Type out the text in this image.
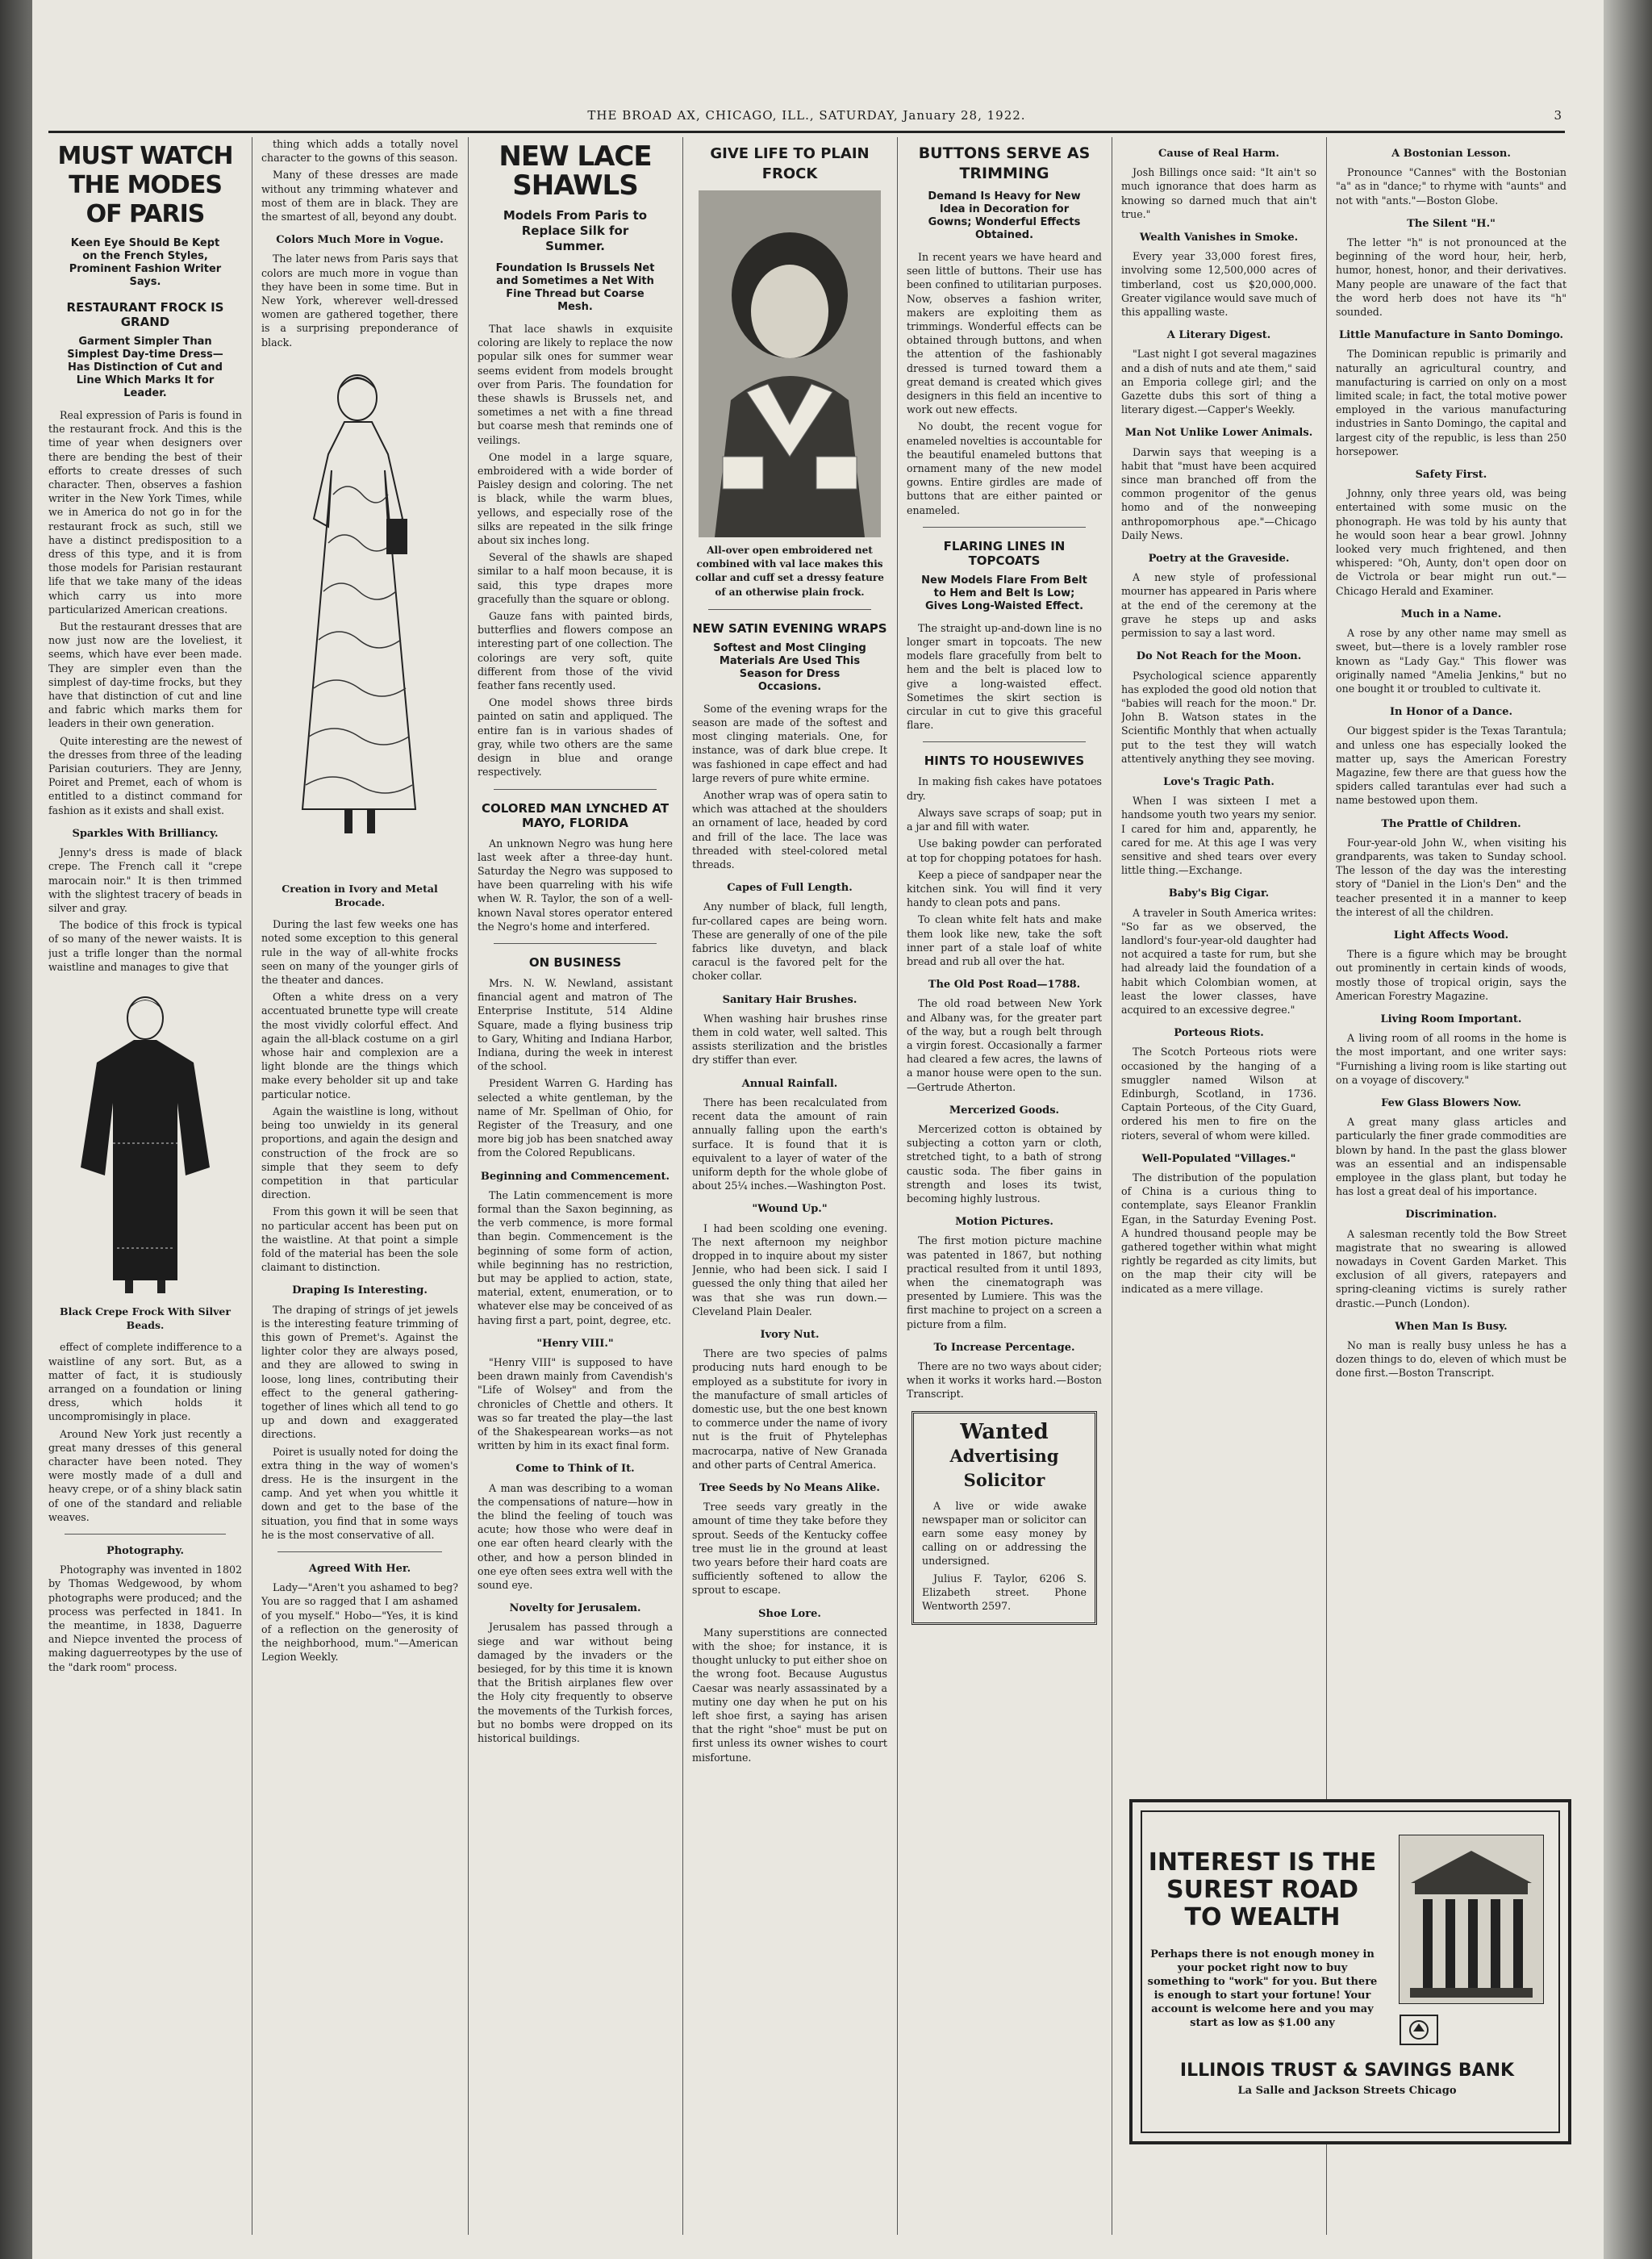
THE BROAD AX, CHICAGO, ILL., SATURDAY, January 28, 1922.	3
MUST WATCH THE MODES OF PARIS
Keen Eye Should Be Kept on the French Styles, Prominent Fashion Writer Says.
RESTAURANT FROCK IS GRAND
Garment Simpler Than Simplest Day-time Dress—Has Distinction of Cut and Line Which Marks It for Leader.

Real expression of Paris is found in the restaurant frock. And this is the time of year when designers over there are bending the best of their efforts to create dresses of such character. Then, observes a fashion writer in the New York Times, while we in America do not go in for the restaurant frock as such, still we have a distinct predisposition to a dress of this type, and it is from those models for Parisian restaurant life that we take many of the ideas which carry us into more particularized American creations.

But the restaurant dresses that are now just now are the loveliest, it seems, which have ever been made. They are simpler even than the simplest of day-time frocks, but they have that distinction of cut and line and fabric which marks them for leaders in their own generation.

Quite interesting are the newest of the dresses from three of the leading Parisian couturiers. They are Jenny, Poiret and Premet, each of whom is entitled to a distinct command for fashion as it exists and shall exist.

Sparkles With Brilliancy.

Jenny's dress is made of black crepe. The French call it "crepe marocain noir." It is then trimmed with the slightest tracery of beads in silver and gray.

The bodice of this frock is typical of so many of the newer waists. It is just a trifle longer than the normal waistline and manages to give that

Black Crepe Frock With Silver Beads.

effect of complete indifference to a waistline of any sort. But, as a matter of fact, it is studiously arranged on a foundation or lining dress, which holds it uncompromisingly in place.

Around New York just recently a great many dresses of this general character have been noted. They were mostly made of a dull and heavy crepe, or of a shiny black satin of one of the standard and reliable weaves.

Photography.

Photography was invented in 1802 by Thomas Wedgewood, by whom photographs were produced; and the process was perfected in 1841. In the meantime, in 1838, Daguerre and Niepce invented the process of making daguerreotypes by the use of the "dark room" process.

thing which adds a totally novel character to the gowns of this season.

Many of these dresses are made without any trimming whatever and most of them are in black. They are the smartest of all, beyond any doubt.

Colors Much More in Vogue.

The later news from Paris says that colors are much more in vogue than they have been in some time. But in New York, wherever well-dressed women are gathered together, there is a surprising preponderance of black.

Creation in Ivory and Metal Brocade.

During the last few weeks one has noted some exception to this general rule in the way of all-white frocks seen on many of the younger girls of the theater and dances.

Often a white dress on a very accentuated brunette type will create the most vividly colorful effect. And again the all-black costume on a girl whose hair and complexion are a light blonde are the things which make every beholder sit up and take particular notice.

Again the waistline is long, without being too unwieldy in its general proportions, and again the design and construction of the frock are so simple that they seem to defy competition in that particular direction.

From this gown it will be seen that no particular accent has been put on the waistline. At that point a simple fold of the material has been the sole claimant to distinction.

Draping Is Interesting.

The draping of strings of jet jewels is the interesting feature trimming of this gown of Premet's. Against the lighter color they are always posed, and they are allowed to swing in loose, long lines, contributing their effect to the general gathering-together of lines which all tend to go up and down and exaggerated directions.

Poiret is usually noted for doing the extra thing in the way of women's dress. He is the insurgent in the camp. And yet when you whittle it down and get to the base of the situation, you find that in some ways he is the most conservative of all.

Agreed With Her.

Lady—"Aren't you ashamed to beg? You are so ragged that I am ashamed of you myself." Hobo—"Yes, it is kind of a reflection on the generosity of the neighborhood, mum."—American Legion Weekly.

NEW LACE SHAWLS
Models From Paris to Replace Silk for Summer.
Foundation Is Brussels Net and Sometimes a Net With Fine Thread but Coarse Mesh.

That lace shawls in exquisite coloring are likely to replace the now popular silk ones for summer wear seems evident from models brought over from Paris. The foundation for these shawls is Brussels net, and sometimes a net with a fine thread but coarse mesh that reminds one of veilings.

One model in a large square, embroidered with a wide border of Paisley design and coloring. The net is black, while the warm blues, yellows, and especially rose of the silks are repeated in the silk fringe about six inches long.

Several of the shawls are shaped similar to a half moon because, it is said, this type drapes more gracefully than the square or oblong.

Gauze fans with painted birds, butterflies and flowers compose an interesting part of one collection. The colorings are very soft, quite different from those of the vivid feather fans recently used.

One model shows three birds painted on satin and appliqued. The entire fan is in various shades of gray, while two others are the same design in blue and orange respectively.

COLORED MAN LYNCHED AT MAYO, FLORIDA

An unknown Negro was hung here last week after a three-day hunt. Saturday the Negro was supposed to have been quarreling with his wife when W. R. Taylor, the son of a well-known Naval stores operator entered the Negro's home and interfered.

ON BUSINESS

Mrs. N. W. Newland, assistant financial agent and matron of The Enterprise Institute, 514 Aldine Square, made a flying business trip to Gary, Whiting and Indiana Harbor, Indiana, during the week in interest of the school.

President Warren G. Harding has selected a white gentleman, by the name of Mr. Spellman of Ohio, for Register of the Treasury, and one more big job has been snatched away from the Colored Republicans.

Beginning and Commencement.

The Latin commencement is more formal than the Saxon beginning, as the verb commence, is more formal than begin. Commencement is the beginning of some form of action, while beginning has no restriction, but may be applied to action, state, material, extent, enumeration, or to whatever else may be conceived of as having first a part, point, degree, etc.

"Henry VIII."

"Henry VIII" is supposed to have been drawn mainly from Cavendish's "Life of Wolsey" and from the chronicles of Chettle and others. It was so far treated the play—the last of the Shakespearean works—as not written by him in its exact final form.

Come to Think of It.

A man was describing to a woman the compensations of nature—how in the blind the feeling of touch was acute; how those who were deaf in one ear often heard clearly with the other, and how a person blinded in one eye often sees extra well with the sound eye.

Novelty for Jerusalem.

Jerusalem has passed through a siege and war without being damaged by the invaders or the besieged, for by this time it is known that the British airplanes flew over the Holy city frequently to observe the movements of the Turkish forces, but no bombs were dropped on its historical buildings.

GIVE LIFE TO PLAIN FROCK
All-over open embroidered net combined with val lace makes this collar and cuff set a dressy feature of an otherwise plain frock.
NEW SATIN EVENING WRAPS
Softest and Most Clinging Materials Are Used This Season for Dress Occasions.

Some of the evening wraps for the season are made of the softest and most clinging materials. One, for instance, was of dark blue crepe. It was fashioned in cape effect and had large revers of pure white ermine.

Another wrap was of opera satin to which was attached at the shoulders an ornament of lace, headed by cord and frill of the lace. The lace was threaded with steel-colored metal threads.

Capes of Full Length.

Any number of black, full length, fur-collared capes are being worn. These are generally of one of the pile fabrics like duvetyn, and black caracul is the favored pelt for the choker collar.

Sanitary Hair Brushes.

When washing hair brushes rinse them in cold water, well salted. This assists sterilization and the bristles dry stiffer than ever.

Annual Rainfall.

There has been recalculated from recent data the amount of rain annually falling upon the earth's surface. It is found that it is equivalent to a layer of water of the uniform depth for the whole globe of about 25¼ inches.—Washington Post.

"Wound Up."

I had been scolding one evening. The next afternoon my neighbor dropped in to inquire about my sister Jennie, who had been sick. I said I guessed the only thing that ailed her was that she was run down.—Cleveland Plain Dealer.

Ivory Nut.

There are two species of palms producing nuts hard enough to be employed as a substitute for ivory in the manufacture of small articles of domestic use, but the one best known to commerce under the name of ivory nut is the fruit of Phytelephas macrocarpa, native of New Granada and other parts of Central America.

Tree Seeds by No Means Alike.

Tree seeds vary greatly in the amount of time they take before they sprout. Seeds of the Kentucky coffee tree must lie in the ground at least two years before their hard coats are sufficiently softened to allow the sprout to escape.

Shoe Lore.

Many superstitions are connected with the shoe; for instance, it is thought unlucky to put either shoe on the wrong foot. Because Augustus Caesar was nearly assassinated by a mutiny one day when he put on his left shoe first, a saying has arisen that the right "shoe" must be put on first unless its owner wishes to court misfortune.

BUTTONS SERVE AS TRIMMING
Demand Is Heavy for New Idea in Decoration for Gowns; Wonderful Effects Obtained.

In recent years we have heard and seen little of buttons. Their use has been confined to utilitarian purposes. Now, observes a fashion writer, makers are exploiting them as trimmings. Wonderful effects can be obtained through buttons, and when the attention of the fashionably dressed is turned toward them a great demand is created which gives designers in this field an incentive to work out new effects.

No doubt, the recent vogue for enameled novelties is accountable for the beautiful enameled buttons that ornament many of the new model gowns. Entire girdles are made of buttons that are either painted or enameled.

FLARING LINES IN TOPCOATS
New Models Flare From Belt to Hem and Belt Is Low; Gives Long-Waisted Effect.

The straight up-and-down line is no longer smart in topcoats. The new models flare gracefully from belt to hem and the belt is placed low to give a long-waisted effect. Sometimes the skirt section is circular in cut to give this graceful flare.

HINTS TO HOUSEWIVES

In making fish cakes have potatoes dry.

Always save scraps of soap; put in a jar and fill with water.

Use baking powder can perforated at top for chopping potatoes for hash.

Keep a piece of sandpaper near the kitchen sink. You will find it very handy to clean pots and pans.

To clean white felt hats and make them look like new, take the soft inner part of a stale loaf of white bread and rub all over the hat.

The Old Post Road—1788.

The old road between New York and Albany was, for the greater part of the way, but a rough belt through a virgin forest. Occasionally a farmer had cleared a few acres, the lawns of a manor house were open to the sun.—Gertrude Atherton.

Mercerized Goods.

Mercerized cotton is obtained by subjecting a cotton yarn or cloth, stretched tight, to a bath of strong caustic soda. The fiber gains in strength and loses its twist, becoming highly lustrous.

Motion Pictures.

The first motion picture machine was patented in 1867, but nothing practical resulted from it until 1893, when the cinematograph was presented by Lumiere. This was the first machine to project on a screen a picture from a film.

To Increase Percentage.

There are no two ways about cider; when it works it works hard.—Boston Transcript.

Wanted
Advertising Solicitor

A live or wide awake newspaper man or solicitor can earn some easy money by calling on or addressing the undersigned.

Julius F. Taylor, 6206 S. Elizabeth street. Phone Wentworth 2597.

Cause of Real Harm.

Josh Billings once said: "It ain't so much ignorance that does harm as knowing so darned much that ain't true."

Wealth Vanishes in Smoke.

Every year 33,000 forest fires, involving some 12,500,000 acres of timberland, cost us $20,000,000. Greater vigilance would save much of this appalling waste.

A Literary Digest.

"Last night I got several magazines and a dish of nuts and ate them," said an Emporia college girl; and the Gazette dubs this sort of thing a literary digest.—Capper's Weekly.

Man Not Unlike Lower Animals.

Darwin says that weeping is a habit that "must have been acquired since man branched off from the common progenitor of the genus homo and of the nonweeping anthropomorphous ape."—Chicago Daily News.

Poetry at the Graveside.

A new style of professional mourner has appeared in Paris where at the end of the ceremony at the grave he steps up and asks permission to say a last word.

Do Not Reach for the Moon.

Psychological science apparently has exploded the good old notion that "babies will reach for the moon." Dr. John B. Watson states in the Scientific Monthly that when actually put to the test they will watch attentively anything they see moving.

Love's Tragic Path.

When I was sixteen I met a handsome youth two years my senior. I cared for him and, apparently, he cared for me. At this age I was very sensitive and shed tears over every little thing.—Exchange.

Baby's Big Cigar.

A traveler in South America writes: "So far as we observed, the landlord's four-year-old daughter had not acquired a taste for rum, but she had already laid the foundation of a habit which Colombian women, at least the lower classes, have acquired to an excessive degree."

Porteous Riots.

The Scotch Porteous riots were occasioned by the hanging of a smuggler named Wilson at Edinburgh, Scotland, in 1736. Captain Porteous, of the City Guard, ordered his men to fire on the rioters, several of whom were killed.

Well-Populated "Villages."

The distribution of the population of China is a curious thing to contemplate, says Eleanor Franklin Egan, in the Saturday Evening Post. A hundred thousand people may be gathered together within what might rightly be regarded as city limits, but on the map their city will be indicated as a mere village.

A Bostonian Lesson.

Pronounce "Cannes" with the Bostonian "a" as in "dance;" to rhyme with "aunts" and not with "ants."—Boston Globe.

The Silent "H."

The letter "h" is not pronounced at the beginning of the word hour, heir, herb, humor, honest, honor, and their derivatives. Many people are unaware of the fact that the word herb does not have its "h" sounded.

Little Manufacture in Santo Domingo.

The Dominican republic is primarily and naturally an agricultural country, and manufacturing is carried on only on a most limited scale; in fact, the total motive power employed in the various manufacturing industries in Santo Domingo, the capital and largest city of the republic, is less than 250 horsepower.

Safety First.

Johnny, only three years old, was being entertained with some music on the phonograph. He was told by his aunty that he would soon hear a bear growl. Johnny looked very much frightened, and then whispered: "Oh, Aunty, don't open door on de Victrola or bear might run out."—Chicago Herald and Examiner.

Much in a Name.

A rose by any other name may smell as sweet, but—there is a lovely rambler rose known as "Lady Gay." This flower was originally named "Amelia Jenkins," but no one bought it or troubled to cultivate it.

In Honor of a Dance.

Our biggest spider is the Texas Tarantula; and unless one has especially looked the matter up, says the American Forestry Magazine, few there are that guess how the spiders called tarantulas ever had such a name bestowed upon them.

The Prattle of Children.

Four-year-old John W., when visiting his grandparents, was taken to Sunday school. The lesson of the day was the interesting story of "Daniel in the Lion's Den" and the teacher presented it in a manner to keep the interest of all the children.

Light Affects Wood.

There is a figure which may be brought out prominently in certain kinds of woods, mostly those of tropical origin, says the American Forestry Magazine.

Living Room Important.

A living room of all rooms in the home is the most important, and one writer says: "Furnishing a living room is like starting out on a voyage of discovery."

Few Glass Blowers Now.

A great many glass articles and particularly the finer grade commodities are blown by hand. In the past the glass blower was an essential and an indispensable employee in the glass plant, but today he has lost a great deal of his importance.

Discrimination.

A salesman recently told the Bow Street magistrate that no swearing is allowed nowadays in Covent Garden Market. This exclusion of all givers, ratepayers and spring-cleaning victims is surely rather drastic.—Punch (London).

When Man Is Busy.

No man is really busy unless he has a dozen things to do, eleven of which must be done first.—Boston Transcript.

INTEREST IS THE SUREST ROAD TO WEALTH
Perhaps there is not enough money in your pocket right now to buy something to "work" for you. But there is enough to start your fortune! Your account is welcome here and you may start as low as $1.00 any
ILLINOIS TRUST & SAVINGS BANK
La Salle and Jackson Streets Chicago
